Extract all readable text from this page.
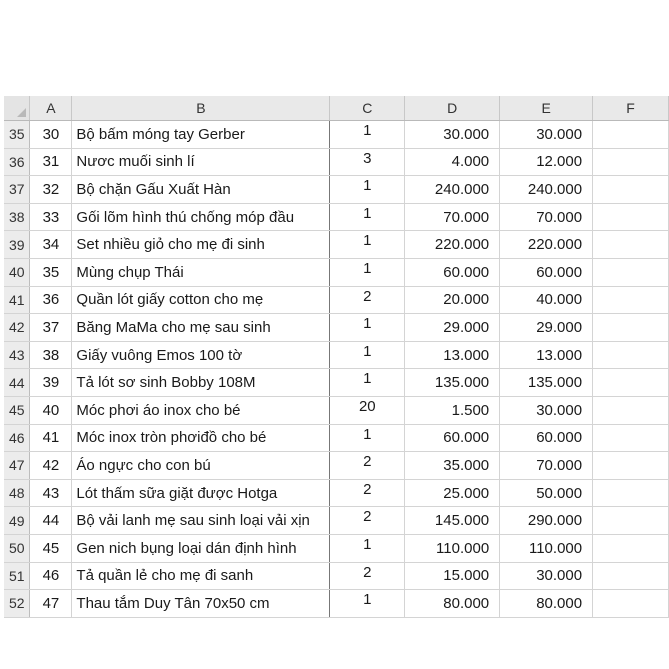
	A	B	C	D	E	F
35	30	Bộ bấm móng tay Gerber	1	30.000	30.000	
36	31	Nươc muối sinh lí	3	4.000	12.000	
37	32	Bộ chặn Gấu Xuất Hàn	1	240.000	240.000	
38	33	Gối lõm hình thú chống móp đầu	1	70.000	70.000	
39	34	Set nhiều giỏ cho mẹ đi sinh	1	220.000	220.000	
40	35	Mùng chụp Thái	1	60.000	60.000	
41	36	Quần lót giấy cotton cho mẹ	2	20.000	40.000	
42	37	Băng MaMa cho mẹ sau sinh	1	29.000	29.000	
43	38	Giấy vuông Emos 100 tờ	1	13.000	13.000	
44	39	Tả lót sơ sinh Bobby 108M	1	135.000	135.000	
45	40	Móc phơi áo inox cho bé	20	1.500	30.000	
46	41	Móc inox tròn phơiđồ cho bé	1	60.000	60.000	
47	42	Áo ngực cho con bú	2	35.000	70.000	
48	43	Lót thấm sữa giặt được Hotga	2	25.000	50.000	
49	44	Bộ vải lanh mẹ sau sinh loại vải xịn	2	145.000	290.000	
50	45	Gen nich bụng loại dán định hình	1	110.000	110.000	
51	46	Tả quần lẻ cho mẹ đi sanh	2	15.000	30.000	
52	47	Thau tắm Duy Tân 70x50 cm	1	80.000	80.000	
